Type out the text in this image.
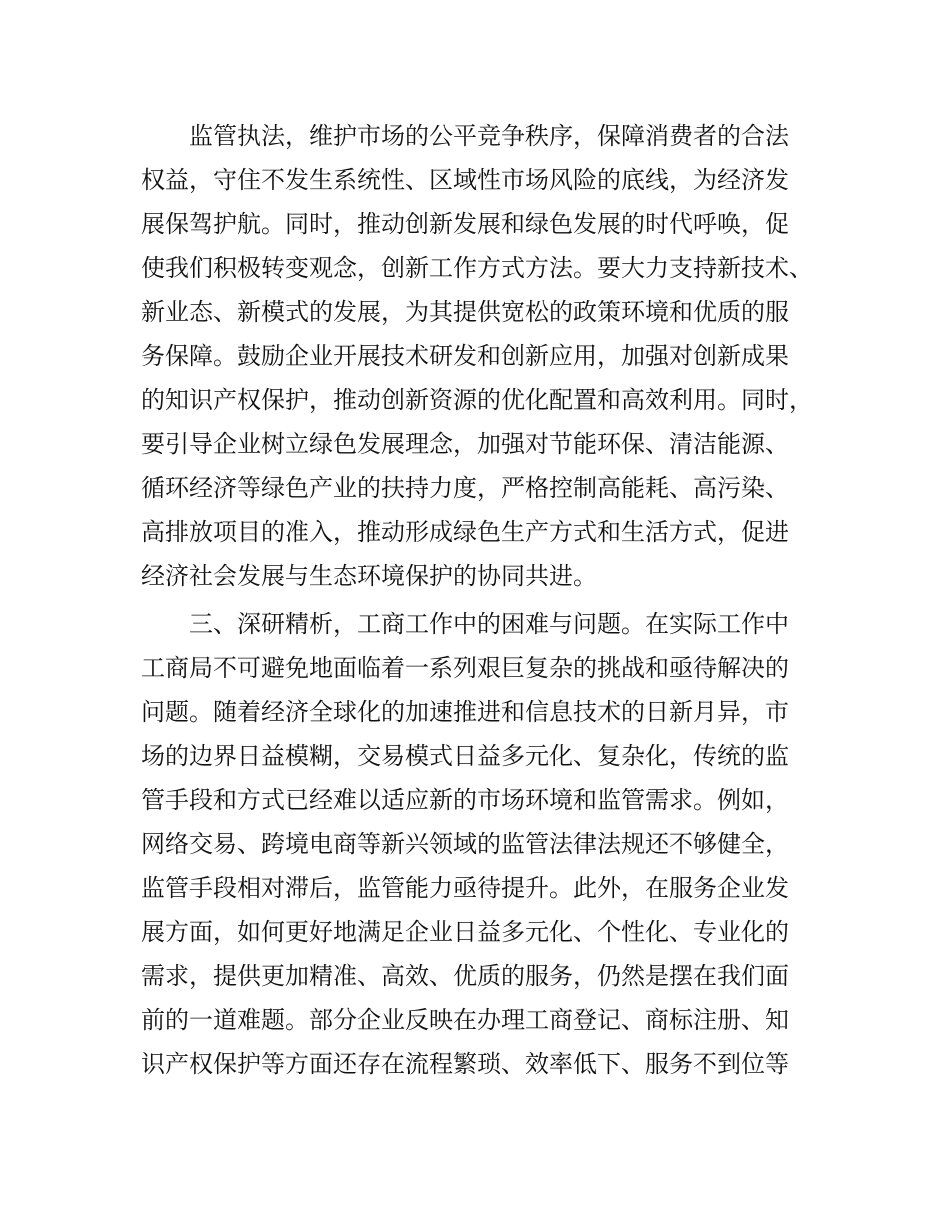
监管执法，维护市场的公平竞争秩序，保障消费者的合法
权益，守住不发生系统性、区域性市场风险的底线，为经济发
展保驾护航。同时，推动创新发展和绿色发展的时代呼唤，促
使我们积极转变观念，创新工作方式方法。要大力支持新技术、
新业态、新模式的发展，为其提供宽松的政策环境和优质的服
务保障。鼓励企业开展技术研发和创新应用，加强对创新成果
的知识产权保护，推动创新资源的优化配置和高效利用。同时，
要引导企业树立绿色发展理念，加强对节能环保、清洁能源、
循环经济等绿色产业的扶持力度，严格控制高能耗、高污染、
高排放项目的准入，推动形成绿色生产方式和生活方式，促进
经济社会发展与生态环境保护的协同共进。
三、深研精析，工商工作中的困难与问题。在实际工作中
工商局不可避免地面临着一系列艰巨复杂的挑战和亟待解决的
问题。随着经济全球化的加速推进和信息技术的日新月异，市
场的边界日益模糊，交易模式日益多元化、复杂化，传统的监
管手段和方式已经难以适应新的市场环境和监管需求。例如，
网络交易、跨境电商等新兴领域的监管法律法规还不够健全，
监管手段相对滞后，监管能力亟待提升。此外，在服务企业发
展方面，如何更好地满足企业日益多元化、个性化、专业化的
需求，提供更加精准、高效、优质的服务，仍然是摆在我们面
前的一道难题。部分企业反映在办理工商登记、商标注册、知
识产权保护等方面还存在流程繁琐、效率低下、服务不到位等
